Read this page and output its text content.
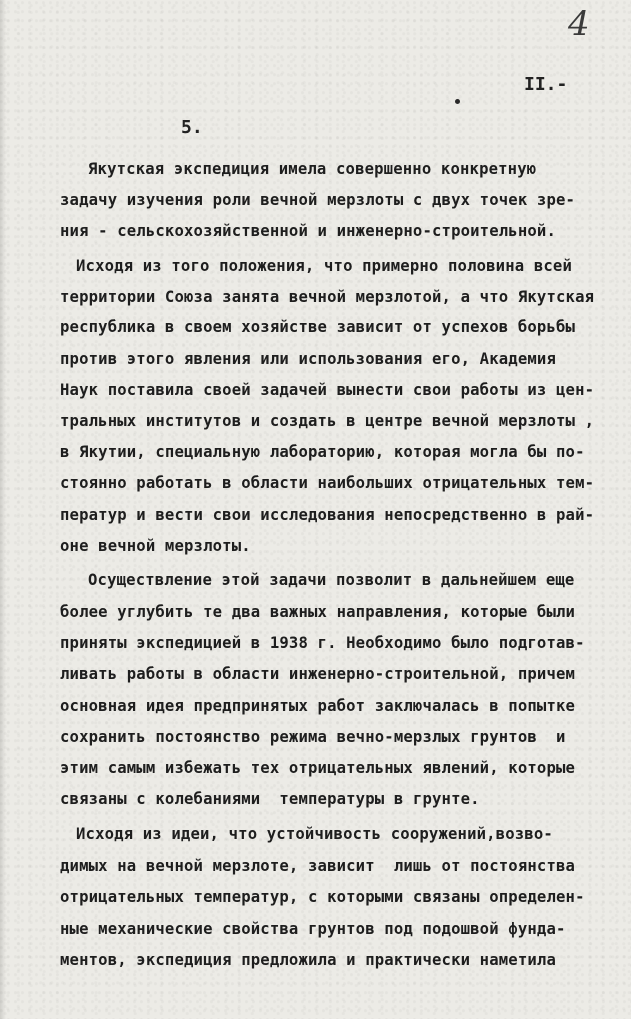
4
II.-
5.
Якутская экспедиция имела совершенно конкретную
задачу изучения роли вечной мерзлоты с двух точек зре-
ния - сельскохозяйственной и инженерно-строительной.
Исходя из того положения, что примерно половина всей
территории Союза занята вечной мерзлотой, а что Якутская
республика в своем хозяйстве зависит от успехов борьбы
против этого явления или использования его, Академия
Наук поставила своей задачей вынести свои работы из цен-
тральных институтов и создать в центре вечной мерзлоты ,
в Якутии, специальную лабораторию, которая могла бы по-
стоянно работать в области наибольших отрицательных тем-
ператур и вести свои исследования непосредственно в рай-
оне вечной мерзлоты.
Осуществление этой задачи позволит в дальнейшем еще
более углубить те два важных направления, которые были
приняты экспедицией в 1938 г. Необходимо было подготав-
ливать работы в области инженерно-строительной, причем
основная идея предпринятых работ заключалась в попытке
сохранить постоянство режима вечно-мерзлых грунтов  и
этим самым избежать тех отрицательных явлений, которые
связаны с колебаниями  температуры в грунте.
Исходя из идеи, что устойчивость сооружений,возво-
димых на вечной мерзлоте, зависит  лишь от постоянства
отрицательных температур, с которыми связаны определен-
ные механические свойства грунтов под подошвой фунда-
ментов, экспедиция предложила и практически наметила
